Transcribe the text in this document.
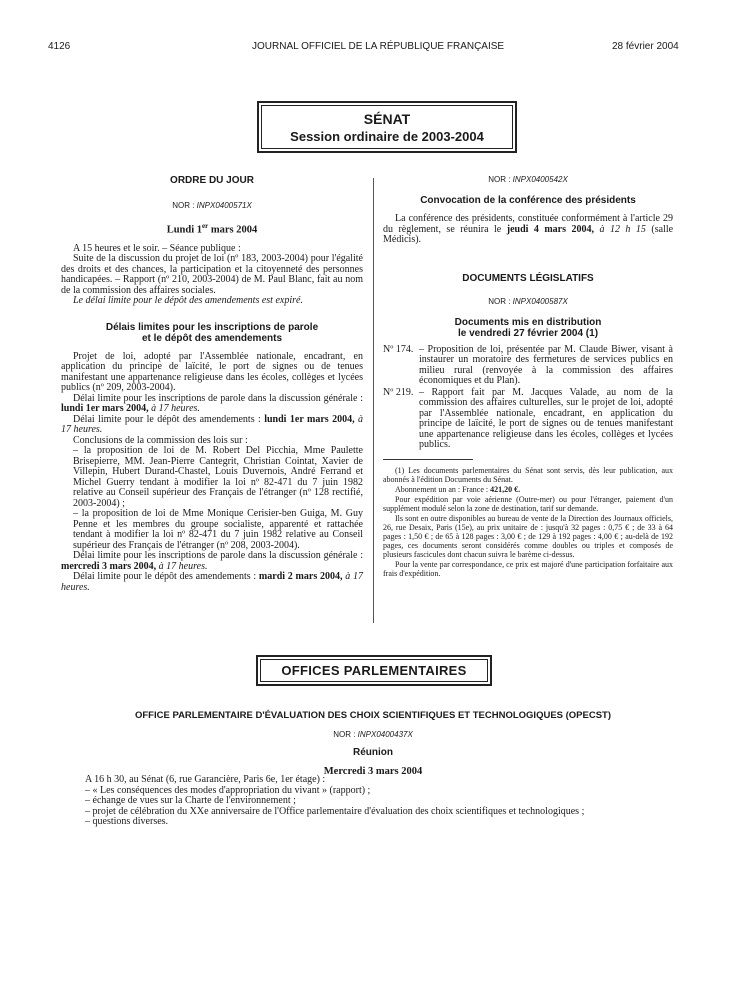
4126	JOURNAL OFFICIEL DE LA RÉPUBLIQUE FRANÇAISE	28 février 2004
SÉNAT
Session ordinaire de 2003-2004
ORDRE DU JOUR
NOR : INPX0400571X
Lundi 1er mars 2004

A 15 heures et le soir. – Séance publique :

Suite de la discussion du projet de loi (nº 183, 2003-2004) pour l'égalité des droits et des chances, la participation et la citoyenneté des personnes handicapées. – Rapport (nº 210, 2003-2004) de M. Paul Blanc, fait au nom de la commission des affaires sociales.

Le délai limite pour le dépôt des amendements est expiré.

Délais limites pour les inscriptions de parole
et le dépôt des amendements

Projet de loi, adopté par l'Assemblée nationale, encadrant, en application du principe de laïcité, le port de signes ou de tenues manifestant une appartenance religieuse dans les écoles, collèges et lycées publics (nº 209, 2003-2004).

Délai limite pour les inscriptions de parole dans la discussion générale : lundi 1er mars 2004, à 17 heures.

Délai limite pour le dépôt des amendements : lundi 1er mars 2004, à 17 heures.

Conclusions de la commission des lois sur :

– la proposition de loi de M. Robert Del Picchia, Mme Paulette Brisepierre, MM. Jean-Pierre Cantegrit, Christian Cointat, Xavier de Villepin, Hubert Durand-Chastel, Louis Duvernois, André Ferrand et Michel Guerry tendant à modifier la loi nº 82-471 du 7 juin 1982 relative au Conseil supérieur des Français de l'étranger (nº 128 rectifié, 2003-2004) ;

– la proposition de loi de Mme Monique Cerisier-ben Guiga, M. Guy Penne et les membres du groupe socialiste, apparenté et rattachée tendant à modifier la loi nº 82-471 du 7 juin 1982 relative au Conseil supérieur des Français de l'étranger (nº 208, 2003-2004).

Délai limite pour les inscriptions de parole dans la discussion générale : mercredi 3 mars 2004, à 17 heures.

Délai limite pour le dépôt des amendements : mardi 2 mars 2004, à 17 heures.

NOR : INPX0400542X
Convocation de la conférence des présidents

La conférence des présidents, constituée conformément à l'article 29 du règlement, se réunira le jeudi 4 mars 2004, à 12 h 15 (salle Médicis).

DOCUMENTS LÉGISLATIFS
NOR : INPX0400587X
Documents mis en distribution
le vendredi 27 février 2004 (1)
Nº 174. – Proposition de loi, présentée par M. Claude Biwer, visant à instaurer un moratoire des fermetures de services publics en milieu rural (renvoyée à la commission des affaires économiques et du Plan).

Nº 219. – Rapport fait par M. Jacques Valade, au nom de la commission des affaires culturelles, sur le projet de loi, adopté par l'Assemblée nationale, encadrant, en application du principe de laïcité, le port de signes ou de tenues manifestant une appartenance religieuse dans les écoles, collèges et lycées publics.

(1) Les documents parlementaires du Sénat sont servis, dès leur publication, aux abonnés à l'édition Documents du Sénat.

Abonnement un an : France : 421,20 €.

Pour expédition par voie aérienne (Outre-mer) ou pour l'étranger, paiement d'un supplément modulé selon la zone de destination, tarif sur demande.

Ils sont en outre disponibles au bureau de vente de la Direction des Journaux officiels, 26, rue Desaix, Paris (15e), au prix unitaire de : jusqu'à 32 pages : 0,75 € ; de 33 à 64 pages : 1,50 € ; de 65 à 128 pages : 3,00 € ; de 129 à 192 pages : 4,00 € ; au-delà de 192 pages, ces documents seront considérés comme doubles ou triples et composés de plusieurs fascicules dont chacun suivra le barème ci-dessus.

Pour la vente par correspondance, ce prix est majoré d'une participation forfaitaire aux frais d'expédition.

OFFICES PARLEMENTAIRES
OFFICE PARLEMENTAIRE D'ÉVALUATION DES CHOIX SCIENTIFIQUES ET TECHNOLOGIQUES (OPECST)
NOR : INPX0400437X
Réunion
Mercredi 3 mars 2004

A 16 h 30, au Sénat (6, rue Garancière, Paris 6e, 1er étage) :

– « Les conséquences des modes d'appropriation du vivant » (rapport) ;

– échange de vues sur la Charte de l'environnement ;

– projet de célébration du XXe anniversaire de l'Office parlementaire d'évaluation des choix scientifiques et technologiques ;

– questions diverses.
